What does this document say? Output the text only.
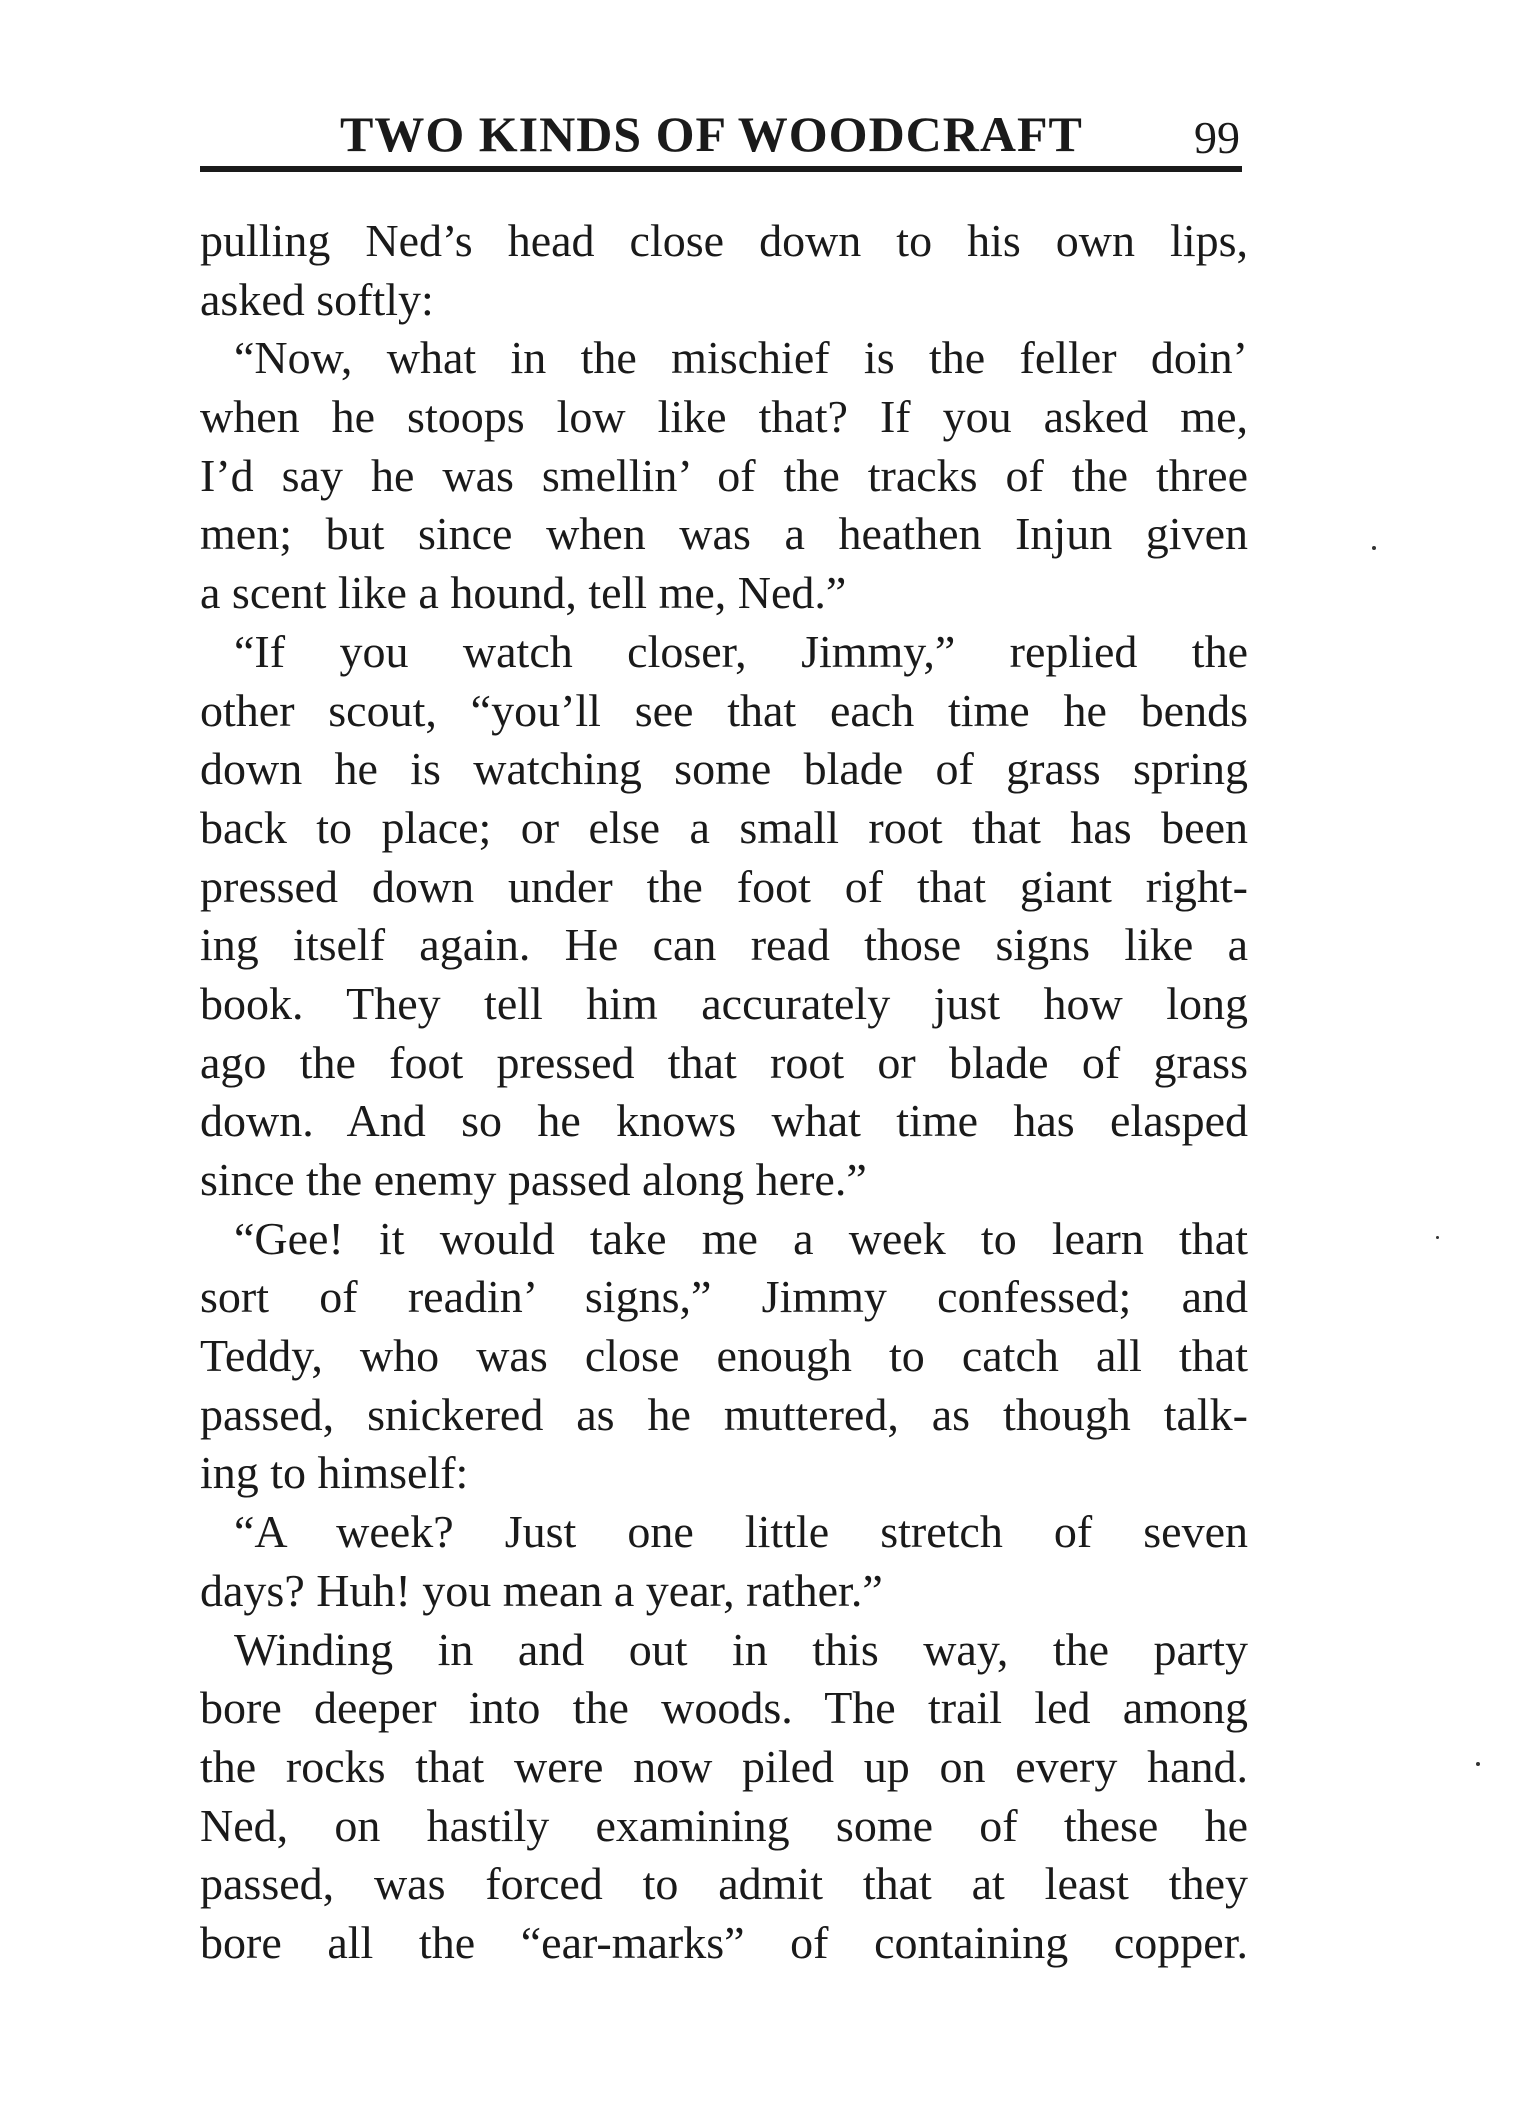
TWO KINDS OF WOODCRAFT 99
pulling Ned’s head close down to his own lips,
asked softly:
“Now, what in the mischief is the feller doin’
when he stoops low like that? If you asked me,
I’d say he was smellin’ of the tracks of the three
men; but since when was a heathen Injun given
a scent like a hound, tell me, Ned.”
“If you watch closer, Jimmy,” replied the
other scout, “you’ll see that each time he bends
down he is watching some blade of grass spring
back to place; or else a small root that has been
pressed down under the foot of that giant right-
ing itself again. He can read those signs like a
book. They tell him accurately just how long
ago the foot pressed that root or blade of grass
down. And so he knows what time has elasped
since the enemy passed along here.”
“Gee! it would take me a week to learn that
sort of readin’ signs,” Jimmy confessed; and
Teddy, who was close enough to catch all that
passed, snickered as he muttered, as though talk-
ing to himself:
“A week? Just one little stretch of seven
days? Huh! you mean a year, rather.”
Winding in and out in this way, the party
bore deeper into the woods. The trail led among
the rocks that were now piled up on every hand.
Ned, on hastily examining some of these he
passed, was forced to admit that at least they
bore all the “ear-marks” of containing copper.
